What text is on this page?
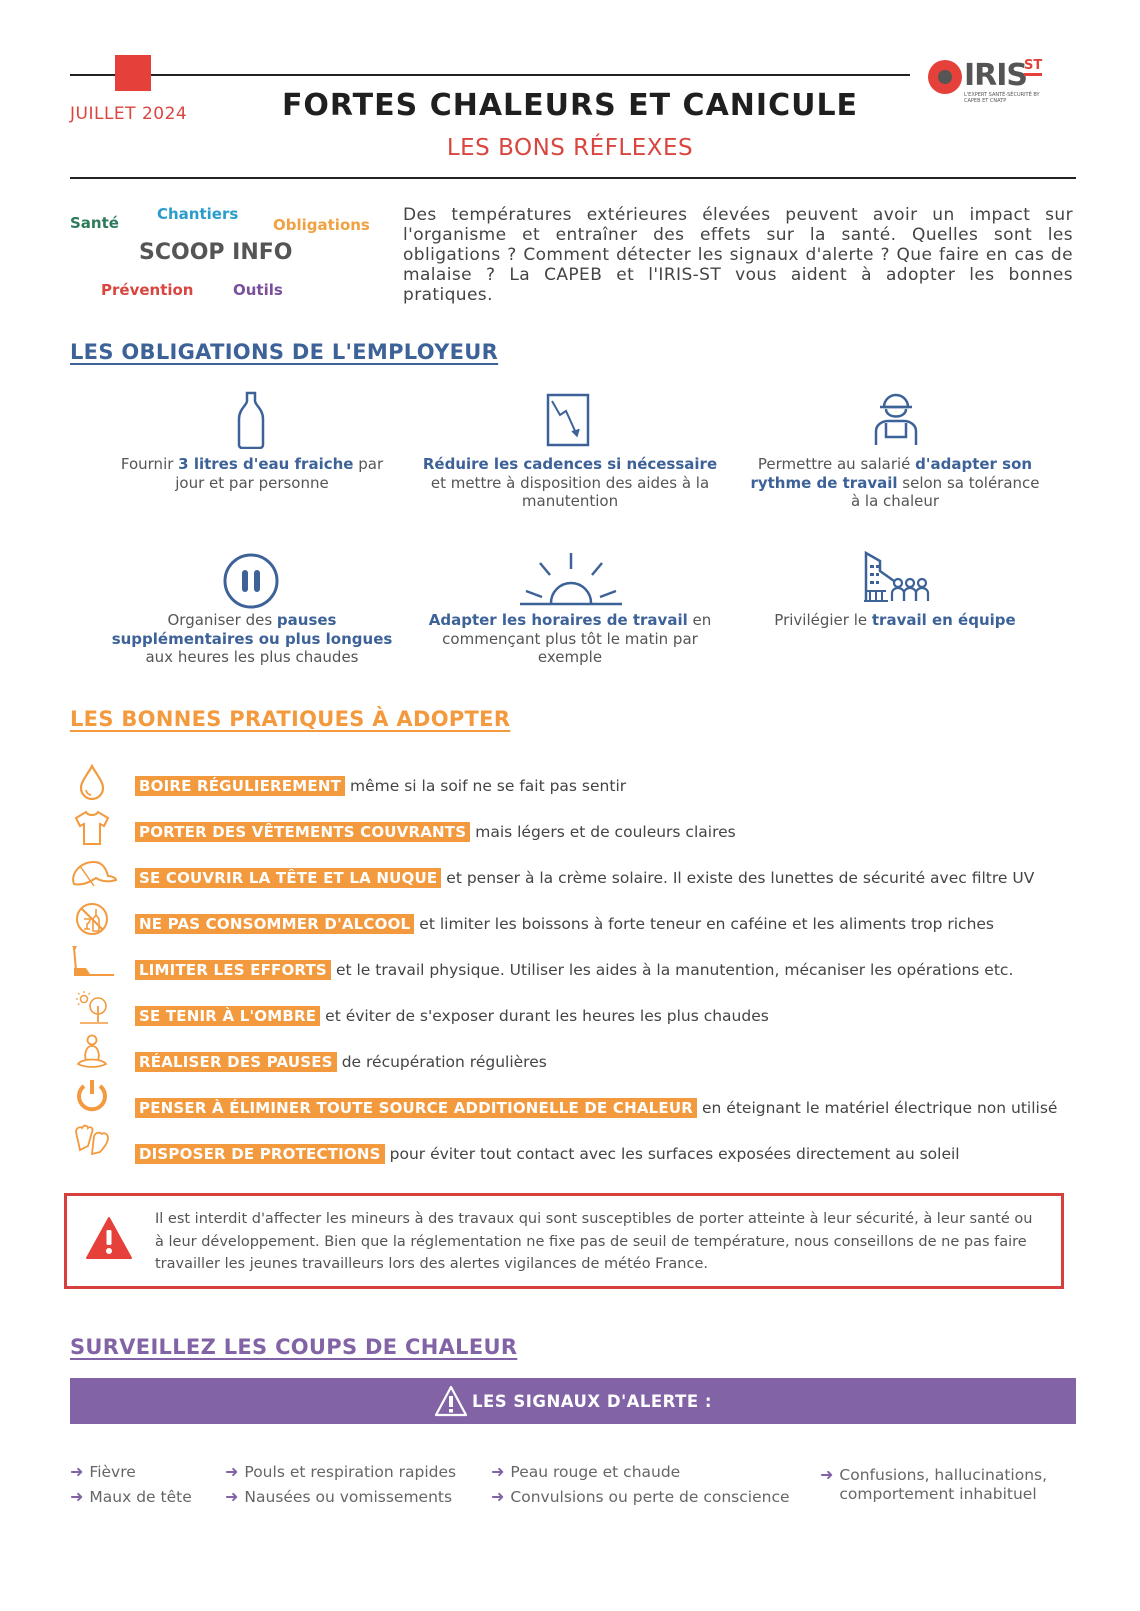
JUILLET 2024	FORTES CHALEURS ET CANICULE
LES BONS RÉFLEXES
IRIS
ST
L'EXPERT SANTÉ-SÉCURITÉ BY CAPEB ET CNATP
Santé	Chantiers
Obligations
SCOOP INFO
Prévention	Outils
Des températures extérieures élevées peuvent avoir un impact sur l'organisme et entraîner des effets sur la santé. Quelles sont les obligations ? Comment détecter les signaux d'alerte ? Que faire en cas de malaise ? La CAPEB et l'IRIS-ST vous aident à adopter les bonnes pratiques.
LES OBLIGATIONS DE L'EMPLOYEUR
Fournir 3 litres d'eau fraiche par jour et par personne
Réduire les cadences si nécessaire et mettre à disposition des aides à la manutention
Permettre au salarié d'adapter son rythme de travail selon sa tolérance à la chaleur
Organiser des pauses supplémentaires ou plus longues aux heures les plus chaudes
Adapter les horaires de travail en commençant plus tôt le matin par exemple
Privilégier le travail en équipe
LES BONNES PRATIQUES À ADOPTER
BOIRE RÉGULIEREMENT même si la soif ne se fait pas sentir
PORTER DES VÊTEMENTS COUVRANTS mais légers et de couleurs claires
SE COUVRIR LA TÊTE ET LA NUQUE et penser à la crème solaire. Il existe des lunettes de sécurité avec filtre UV
NE PAS CONSOMMER D'ALCOOL et limiter les boissons à forte teneur en caféine et les aliments trop riches
LIMITER LES EFFORTS et le travail physique. Utiliser les aides à la manutention, mécaniser les opérations etc.
SE TENIR À L'OMBRE et éviter de s'exposer durant les heures les plus chaudes
RÉALISER DES PAUSES de récupération régulières
PENSER À ÉLIMINER TOUTE SOURCE ADDITIONELLE DE CHALEUR en éteignant le matériel électrique non utilisé
DISPOSER DE PROTECTIONS pour éviter tout contact avec les surfaces exposées directement au soleil
Il est interdit d'affecter les mineurs à des travaux qui sont susceptibles de porter atteinte à leur sécurité, à leur santé ou à leur développement. Bien que la réglementation ne fixe pas de seuil de température, nous conseillons de ne pas faire travailler les jeunes travailleurs lors des alertes vigilances de météo France.
SURVEILLEZ LES COUPS DE CHALEUR
LES SIGNAUX D'ALERTE :
➜ Fièvre
➜ Maux de tête
➜ Pouls et respiration rapides
➜ Nausées ou vomissements
➜ Peau rouge et chaude
➜ Convulsions ou perte de conscience
➜ Confusions, hallucinations, comportement inhabituel
